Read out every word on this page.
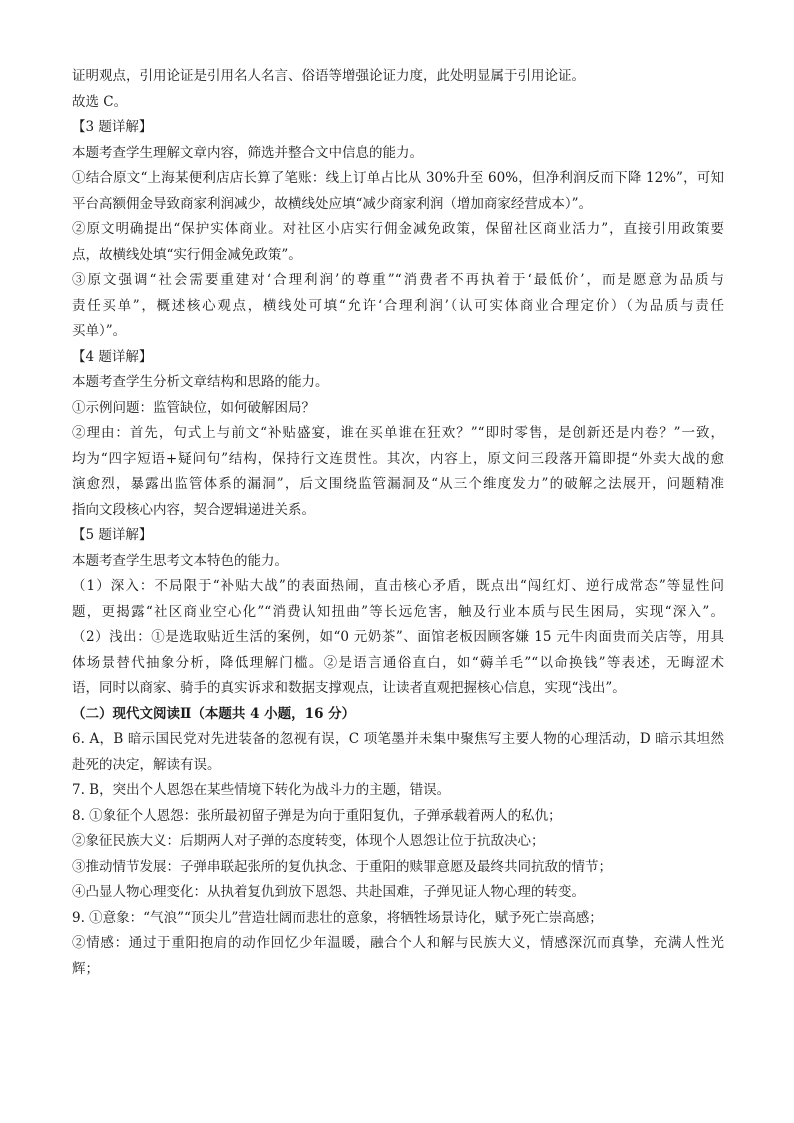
证明观点，引用论证是引用名人名言、俗语等增强论证力度，此处明显属于引用论证。
故选 C。
【3 题详解】
本题考查学生理解文章内容，筛选并整合文中信息的能力。
①结合原文“上海某便利店店长算了笔账：线上订单占比从 30%升至 60%，但净利润反而下降 12%”，可知
平台高额佣金导致商家利润减少，故横线处应填“减少商家利润（增加商家经营成本）”。
②原文明确提出“保护实体商业。对社区小店实行佣金减免政策，保留社区商业活力”，直接引用政策要
点，故横线处填“实行佣金减免政策”。
③原文强调“社会需要重建对‘合理利润’的尊重”“消费者不再执着于‘最低价’，而是愿意为品质与
责任买单”，概述核心观点，横线处可填“允许‘合理利润’（认可实体商业合理定价）（为品质与责任
买单）”。
【4 题详解】
本题考查学生分析文章结构和思路的能力。
①示例问题：监管缺位，如何破解困局？
②理由：首先，句式上与前文“补贴盛宴，谁在买单谁在狂欢？”“即时零售，是创新还是内卷？”一致，
均为“四字短语+疑问句”结构，保持行文连贯性。其次，内容上，原文问三段落开篇即提“外卖大战的愈
演愈烈，暴露出监管体系的漏洞”，后文围绕监管漏洞及“从三个维度发力”的破解之法展开，问题精准
指向文段核心内容，契合逻辑递进关系。
【5 题详解】
本题考查学生思考文本特色的能力。
（1）深入：不局限于“补贴大战”的表面热闹，直击核心矛盾，既点出“闯红灯、逆行成常态”等显性问
题，更揭露“社区商业空心化”“消费认知扭曲”等长远危害，触及行业本质与民生困局，实现“深入”。
（2）浅出：①是选取贴近生活的案例，如“0 元奶茶”、面馆老板因顾客嫌 15 元牛肉面贵而关店等，用具
体场景替代抽象分析，降低理解门槛。②是语言通俗直白，如“薅羊毛”“以命换钱”等表述，无晦涩术
语，同时以商家、骑手的真实诉求和数据支撑观点，让读者直观把握核心信息，实现“浅出”。
（二）现代文阅读Ⅱ（本题共 4 小题，16 分）
6. A，B 暗示国民党对先进装备的忽视有误，C 项笔墨并未集中聚焦写主要人物的心理活动，D 暗示其坦然
赴死的决定，解读有误。
7. B，突出个人恩怨在某些情境下转化为战斗力的主题，错误。
8. ①象征个人恩怨：张所最初留子弹是为向于重阳复仇，子弹承载着两人的私仇；
②象征民族大义：后期两人对子弹的态度转变，体现个人恩怨让位于抗敌决心；
③推动情节发展：子弹串联起张所的复仇执念、于重阳的赎罪意愿及最终共同抗敌的情节；
④凸显人物心理变化：从执着复仇到放下恩怨、共赴国难，子弹见证人物心理的转变。
9. ①意象：“气浪”“顶尖儿”营造壮阔而悲壮的意象，将牺牲场景诗化，赋予死亡崇高感；
②情感：通过于重阳抱肩的动作回忆少年温暖，融合个人和解与民族大义，情感深沉而真挚，充满人性光
辉；
